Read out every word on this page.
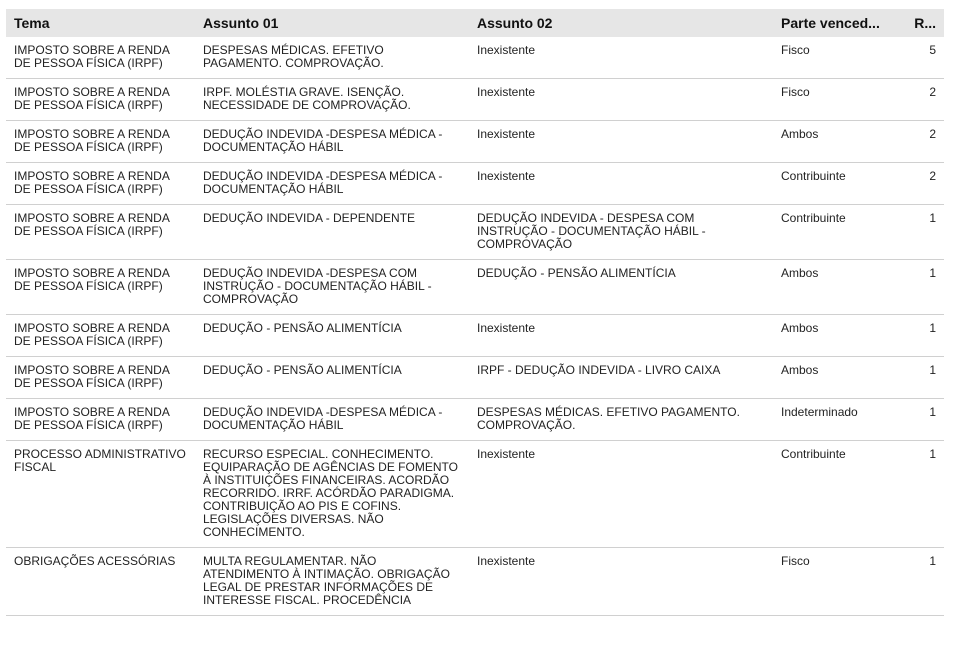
Tema	Assunto 01	Assunto 02	Parte venced...	R...
IMPOSTO SOBRE A RENDA DE PESSOA FÍSICA (IRPF)	DESPESAS MÉDICAS. EFETIVO PAGAMENTO. COMPROVAÇÃO.	Inexistente	Fisco	5
IMPOSTO SOBRE A RENDA DE PESSOA FÍSICA (IRPF)	IRPF. MOLÉSTIA GRAVE. ISENÇÃO. NECESSIDADE DE COMPROVAÇÃO.	Inexistente	Fisco	2
IMPOSTO SOBRE A RENDA DE PESSOA FÍSICA (IRPF)	DEDUÇÃO INDEVIDA -DESPESA MÉDICA - DOCUMENTAÇÃO HÁBIL	Inexistente	Ambos	2
IMPOSTO SOBRE A RENDA DE PESSOA FÍSICA (IRPF)	DEDUÇÃO INDEVIDA -DESPESA MÉDICA - DOCUMENTAÇÃO HÁBIL	Inexistente	Contribuinte	2
IMPOSTO SOBRE A RENDA DE PESSOA FÍSICA (IRPF)	DEDUÇÃO INDEVIDA - DEPENDENTE	DEDUÇÃO INDEVIDA - DESPESA COM INSTRUÇÃO - DOCUMENTAÇÃO HÁBIL - COMPROVAÇÃO	Contribuinte	1
IMPOSTO SOBRE A RENDA DE PESSOA FÍSICA (IRPF)	DEDUÇÃO INDEVIDA -DESPESA COM INSTRUÇÃO - DOCUMENTAÇÃO HÁBIL - COMPROVAÇÃO	DEDUÇÃO - PENSÃO ALIMENTÍCIA	Ambos	1
IMPOSTO SOBRE A RENDA DE PESSOA FÍSICA (IRPF)	DEDUÇÃO - PENSÃO ALIMENTÍCIA	Inexistente	Ambos	1
IMPOSTO SOBRE A RENDA DE PESSOA FÍSICA (IRPF)	DEDUÇÃO - PENSÃO ALIMENTÍCIA	IRPF - DEDUÇÃO INDEVIDA - LIVRO CAIXA	Ambos	1
IMPOSTO SOBRE A RENDA DE PESSOA FÍSICA (IRPF)	DEDUÇÃO INDEVIDA -DESPESA MÉDICA - DOCUMENTAÇÃO HÁBIL	DESPESAS MÉDICAS. EFETIVO PAGAMENTO. COMPROVAÇÃO.	Indeterminado	1
PROCESSO ADMINISTRATIVO FISCAL	RECURSO ESPECIAL. CONHECIMENTO. EQUIPARAÇÃO DE AGÊNCIAS DE FOMENTO À INSTITUIÇÕES FINANCEIRAS. ACORDÃO RECORRIDO. IRRF. ACÓRDÃO PARADIGMA. CONTRIBUIÇÃO AO PIS E COFINS. LEGISLAÇÕES DIVERSAS. NÃO CONHECIMENTO.	Inexistente	Contribuinte	1
OBRIGAÇÕES ACESSÓRIAS	MULTA REGULAMENTAR. NÃO ATENDIMENTO À INTIMAÇÃO. OBRIGAÇÃO LEGAL DE PRESTAR INFORMAÇÕES DE INTERESSE FISCAL. PROCEDÊNCIA	Inexistente	Fisco	1
